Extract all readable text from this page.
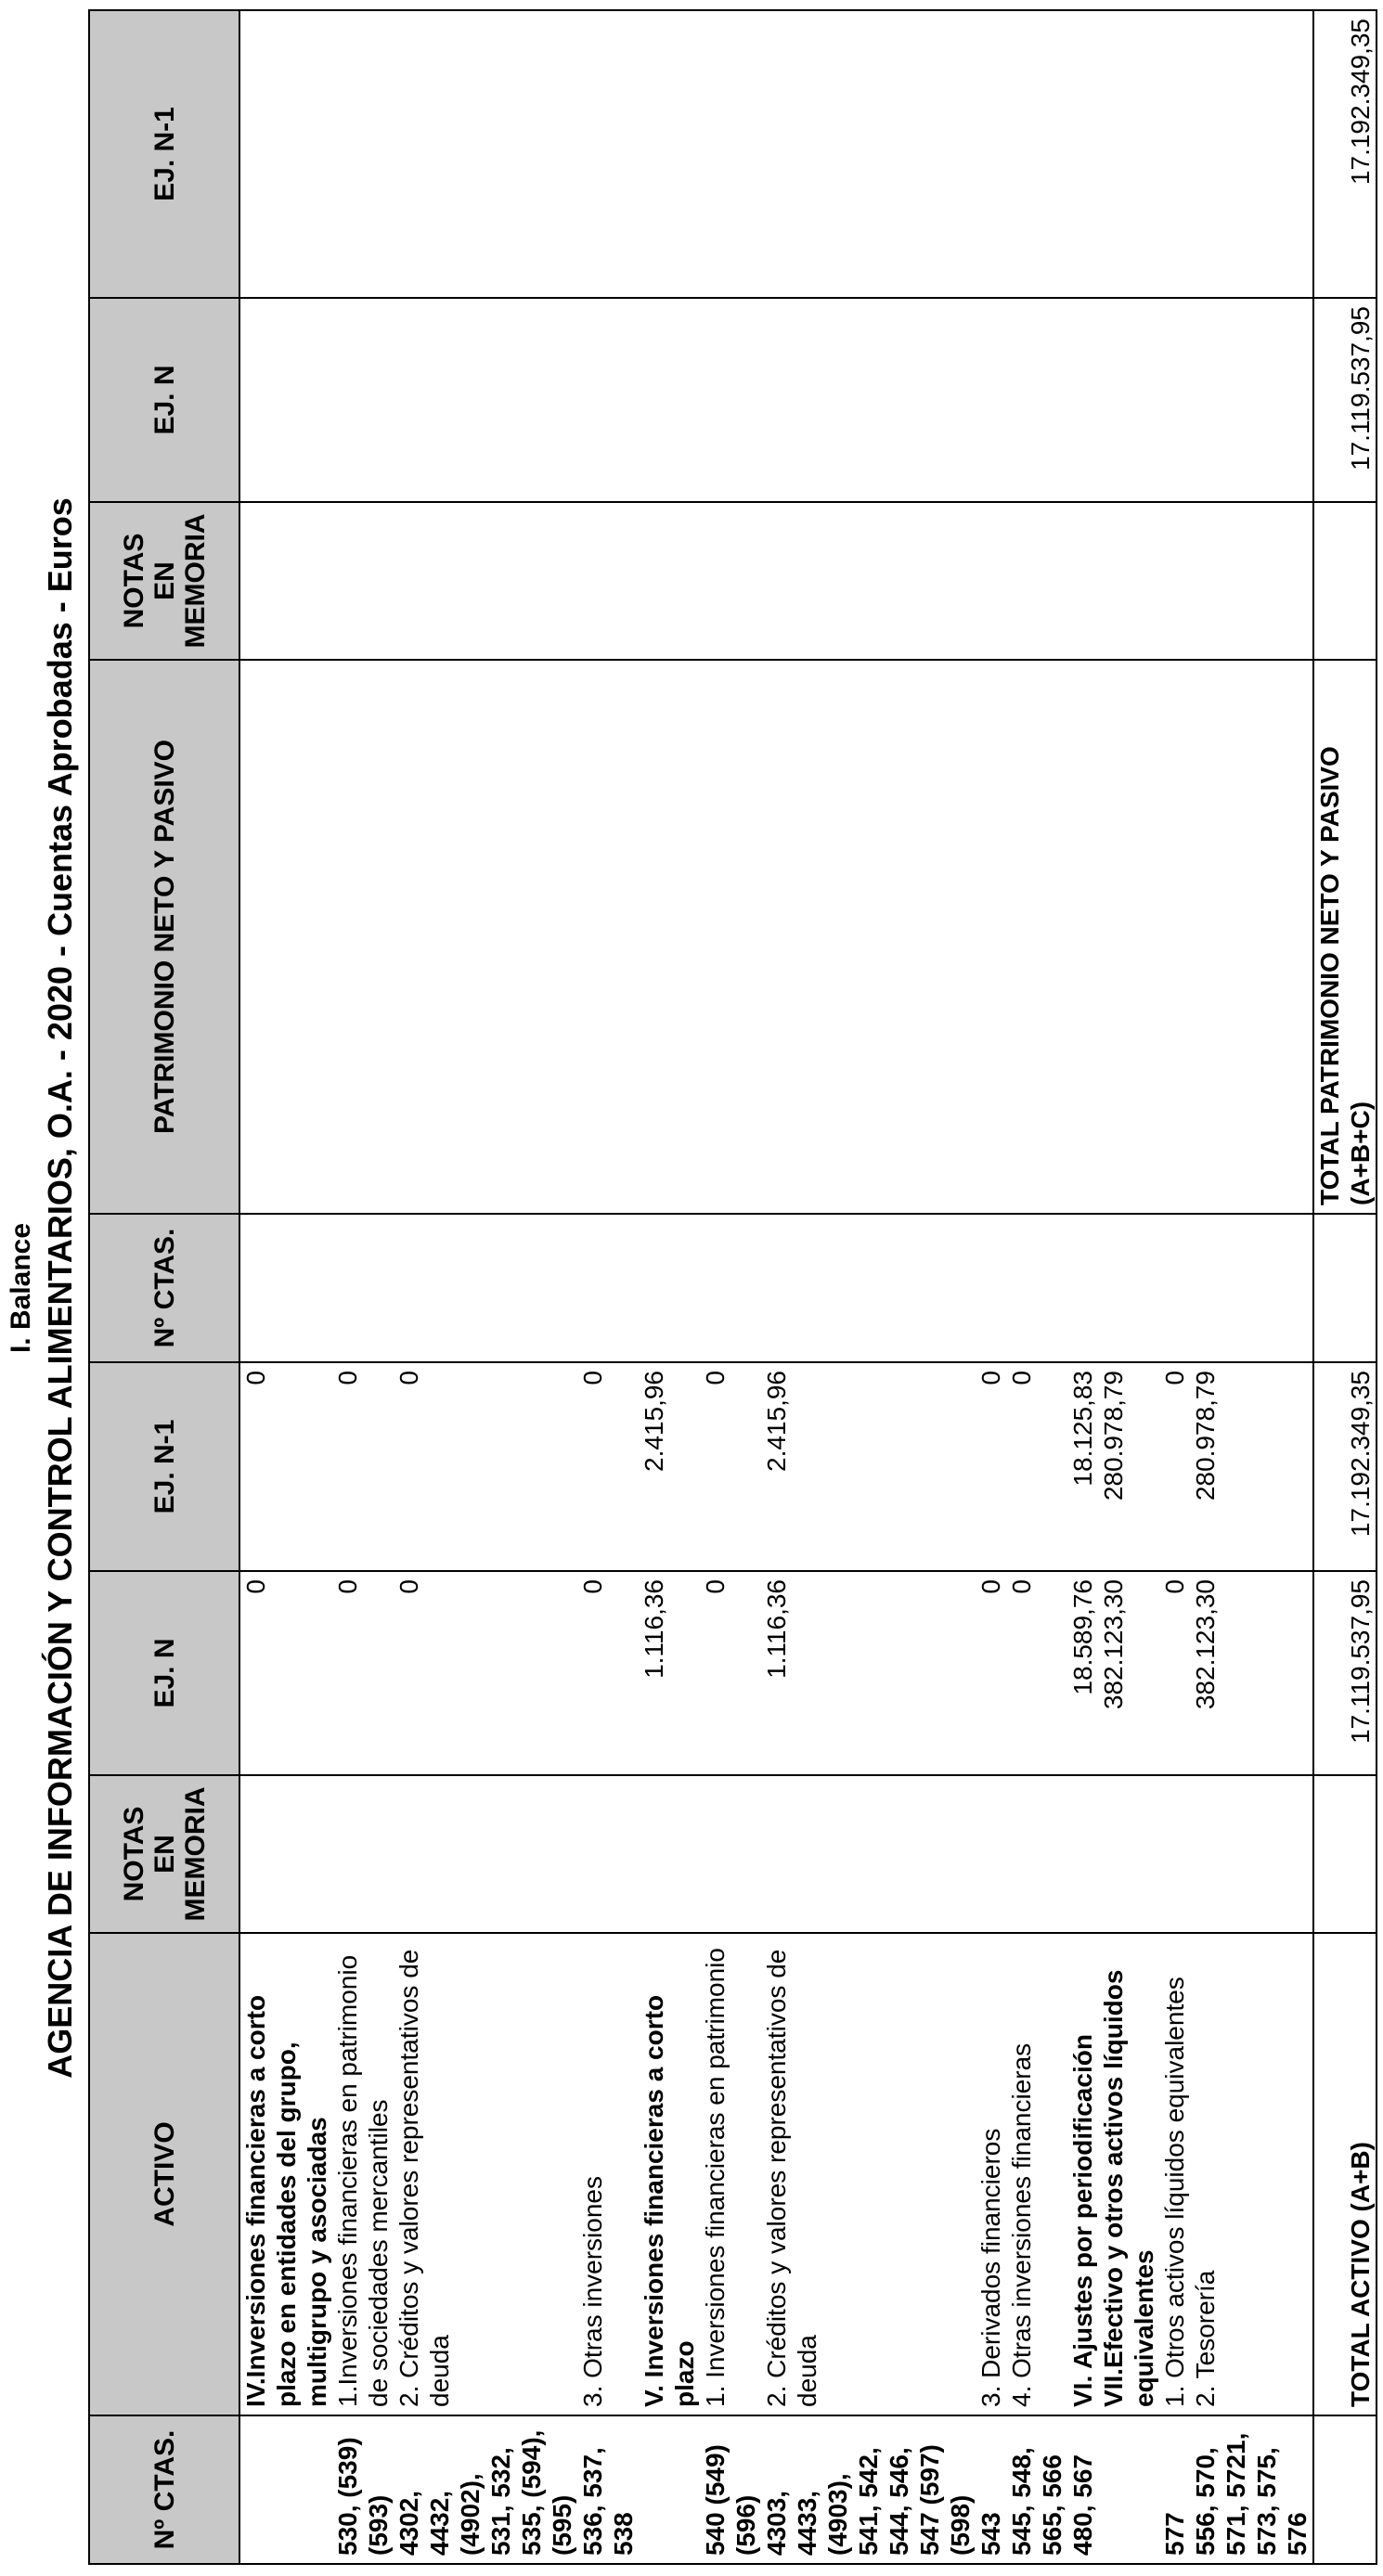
I. Balance AGENCIA DE INFORMACIÓN Y CONTROL ALIMENTARIOS, O.A. - 2020 - Cuentas Aprobadas - Euros
Nº CTAS.	ACTIVO	NOTAS EN MEMORIA	EJ. N	EJ. N-1	Nº CTAS.	PATRIMONIO NETO Y PASIVO	NOTAS EN MEMORIA	EJ. N	EJ. N-1
	IV.Inversiones financieras a corto plazo en entidades del grupo, multigrupo y asociadas		0	0					
530, (539) (593)	1.Inversiones financieras en patrimonio de sociedades mercantiles		0	0					
4302, 4432, (4902), 531, 532, 535, (594), (595)	2. Créditos y valores representativos de deuda		0	0					
536, 537, 538	3. Otras inversiones		0	0					
	V. Inversiones financieras a corto plazo		1.116,36	2.415,96					
540 (549) (596)	1. Inversiones financieras en patrimonio		0	0					
4303, 4433, (4903), 541, 542, 544, 546, 547 (597) (598)	2. Créditos y valores representativos de deuda		1.116,36	2.415,96					
543	3. Derivados financieros		0	0					
545, 548, 565, 566	4. Otras inversiones financieras		0	0					
480, 567	VI. Ajustes por periodificación		18.589,76	18.125,83					
	VII.Efectivo y otros activos líquidos equivalentes		382.123,30	280.978,79					
577	1. Otros activos líquidos equivalentes		0	0					
556, 570, 571, 5721, 573, 575, 576	2. Tesorería		382.123,30	280.978,79					

	TOTAL ACTIVO (A+B)		17.119.537,95	17.192.349,35		TOTAL PATRIMONIO NETO Y PASIVO (A+B+C)		17.119.537,95	17.192.349,35
